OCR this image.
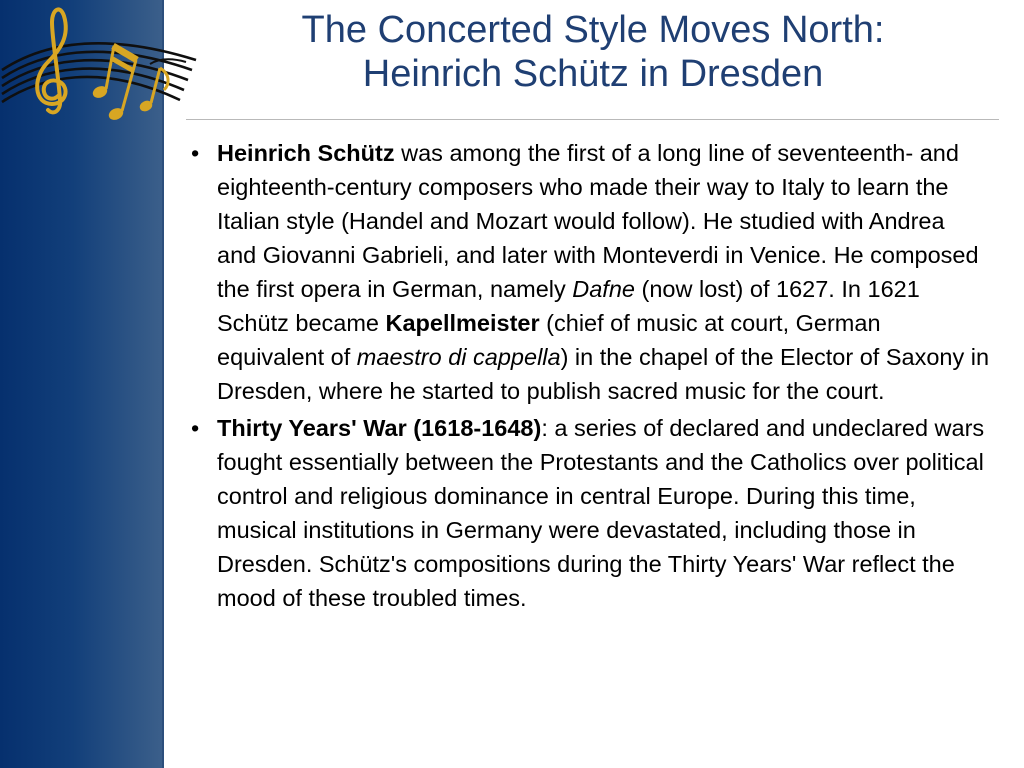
The Concerted Style Moves North:
Heinrich Schütz in Dresden
• Heinrich Schütz was among the first of a long line of seventeenth- and eighteenth-century composers who made their way to Italy to learn the Italian style (Handel and Mozart would follow). He studied with Andrea and Giovanni Gabrieli, and later with Monteverdi in Venice. He composed the first opera in German, namely Dafne (now lost) of 1627. In 1621 Schütz became Kapellmeister (chief of music at court, German equivalent of maestro di cappella) in the chapel of the Elector of Saxony in Dresden, where he started to publish sacred music for the court.
• Thirty Years' War (1618-1648): a series of declared and undeclared wars fought essentially between the Protestants and the Catholics over political control and religious dominance in central Europe. During this time, musical institutions in Germany were devastated, including those in Dresden. Schütz's compositions during the Thirty Years' War reflect the mood of these troubled times.
